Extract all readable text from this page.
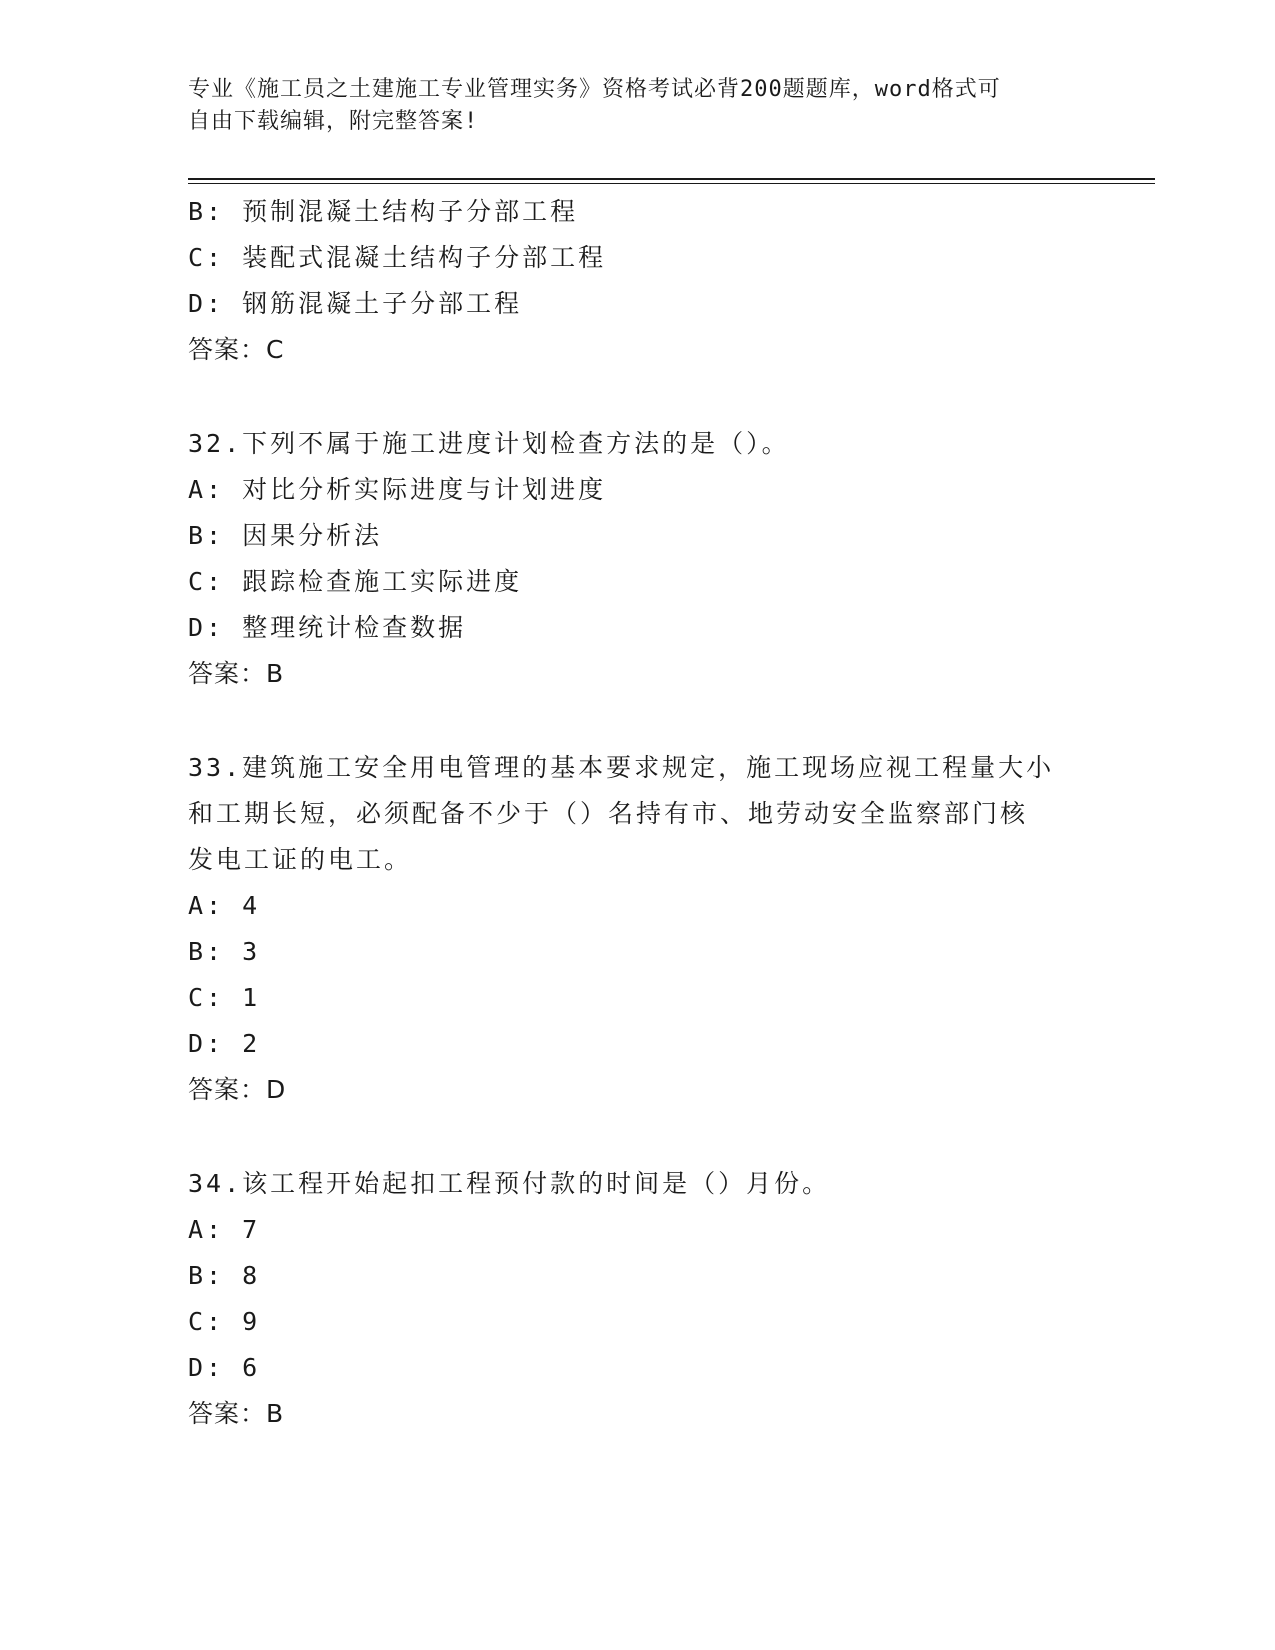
专业《施工员之土建施工专业管理实务》资格考试必背200题题库，word格式可
自由下载编辑，附完整答案!
B: 预制混凝土结构子分部工程
C: 装配式混凝土结构子分部工程
D: 钢筋混凝土子分部工程
答案：C
32.下列不属于施工进度计划检查方法的是（）。
A: 对比分析实际进度与计划进度
B: 因果分析法
C: 跟踪检查施工实际进度
D: 整理统计检查数据
答案：B
33.建筑施工安全用电管理的基本要求规定，施工现场应视工程量大小
和工期长短，必须配备不少于（）名持有市、地劳动安全监察部门核
发电工证的电工。
A: 4
B: 3
C: 1
D: 2
答案：D
34.该工程开始起扣工程预付款的时间是（）月份。
A: 7
B: 8
C: 9
D: 6
答案：B
